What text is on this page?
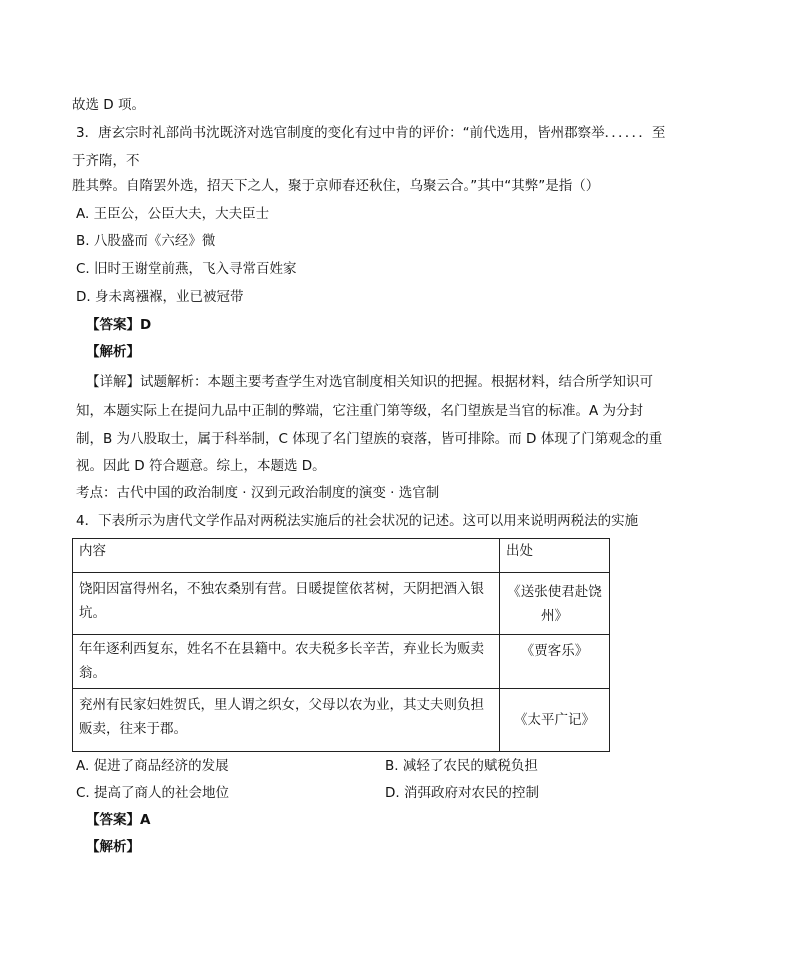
故选 D 项。
3．唐玄宗时礼部尚书沈既济对选官制度的变化有过中肯的评价：“前代选用，皆州郡察举．．．．．．至
于齐隋，不
胜其弊。自隋罢外选，招天下之人，聚于京师春还秋住，乌聚云合。”其中“其弊”是指（）
A. 王臣公，公臣大夫，大夫臣士
B. 八股盛而《六经》微
C. 旧时王谢堂前燕，飞入寻常百姓家
D. 身未离襁褓，业已被冠带
【答案】D
【解析】
【详解】试题解析：本题主要考查学生对选官制度相关知识的把握。根据材料，结合所学知识可
知，本题实际上在提问九品中正制的弊端，它注重门第等级，名门望族是当官的标准。A 为分封
制，B 为八股取士，属于科举制，C 体现了名门望族的衰落，皆可排除。而 D 体现了门第观念的重
视。因此 D 符合题意。综上，本题选 D。
考点：古代中国的政治制度 · 汉到元政治制度的演变 · 选官制
4．下表所示为唐代文学作品对两税法实施后的社会状况的记述。这可以用来说明两税法的实施
内容	出处
饶阳因富得州名，不独农桑别有营。日暖提筐依茗树，天阴把酒入银坑。	《送张使君赴饶州》
年年逐利西复东，姓名不在县籍中。农夫税多长辛苦，弃业长为贩卖翁。	《贾客乐》
兖州有民家妇姓贺氏，里人谓之织女，父母以农为业，其丈夫则负担贩卖，往来于郡。	《太平广记》
A. 促进了商品经济的发展	B. 减轻了农民的赋税负担
C. 提高了商人的社会地位	D. 消弭政府对农民的控制
【答案】A
【解析】
